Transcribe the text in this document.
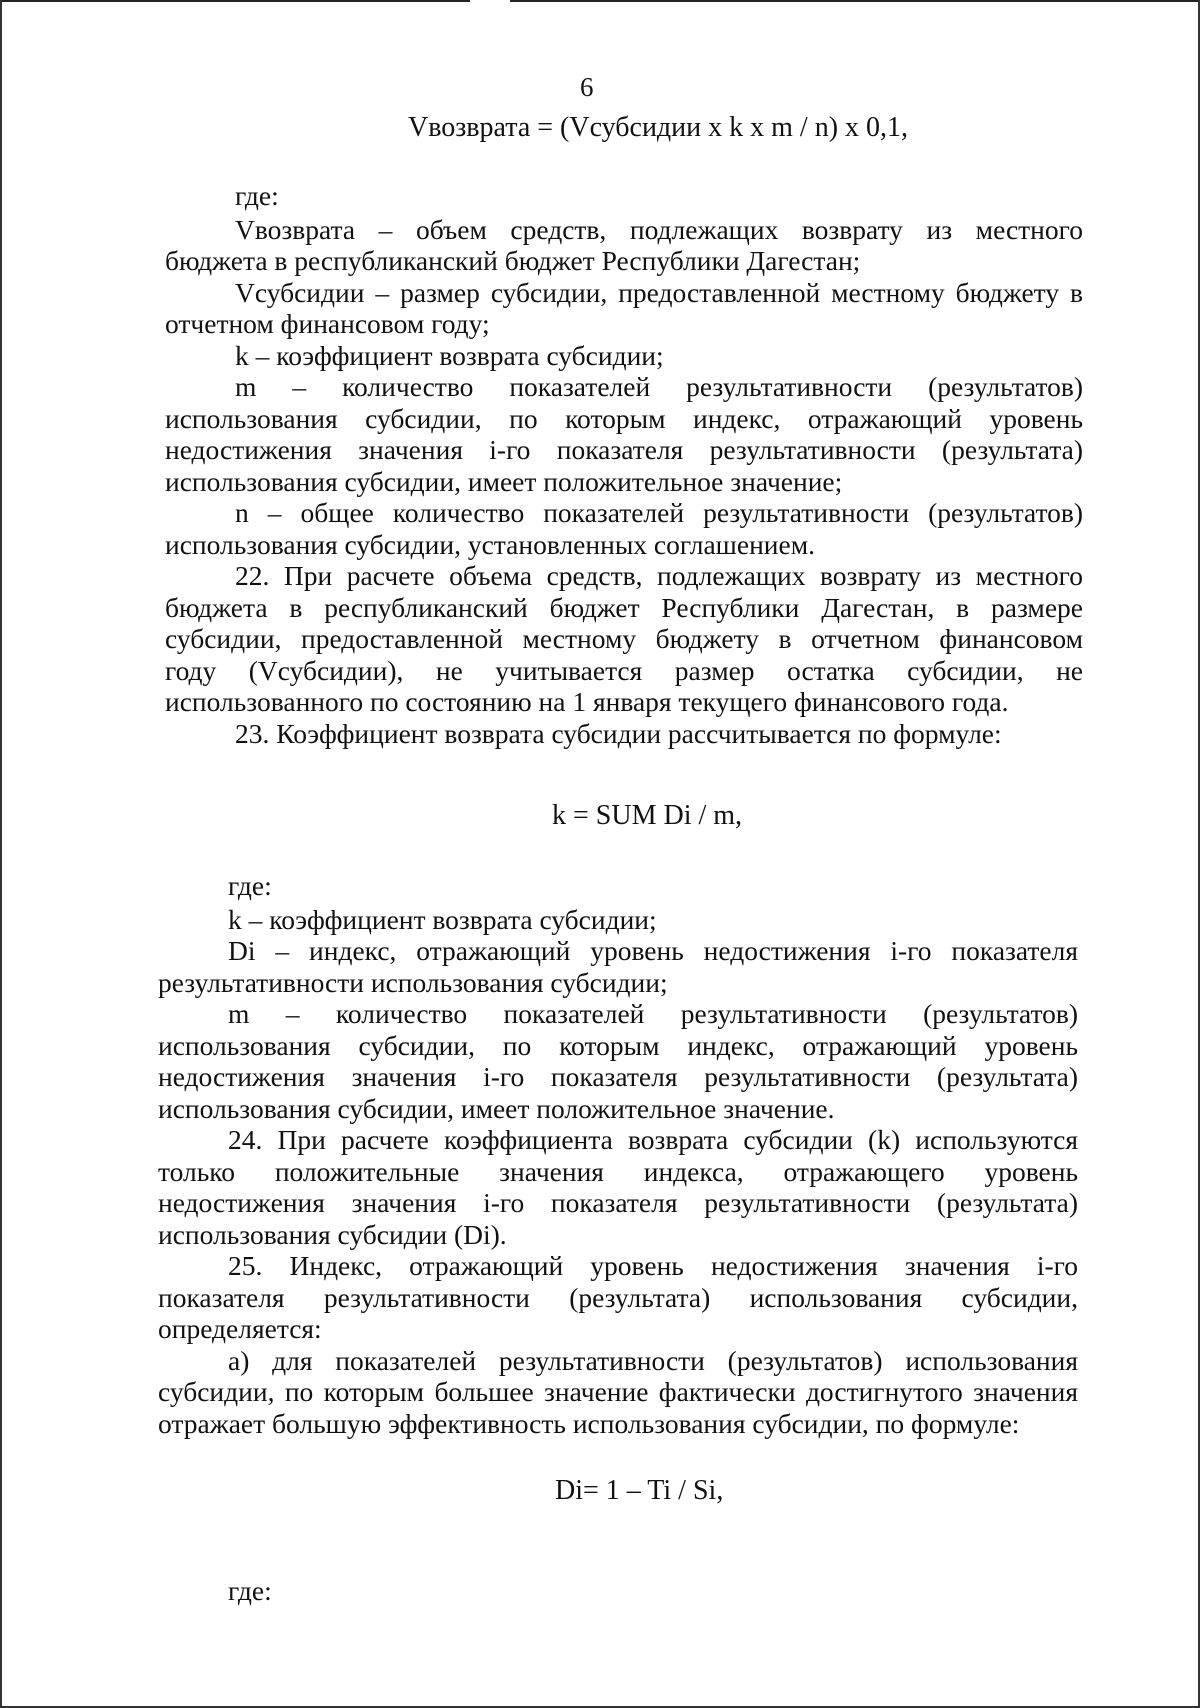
6
Vвозврата = (Vсубсидии x k x m / n) x 0,1,

где:

Vвозврата – объем средств, подлежащих возврату из местного

бюджета в республиканский бюджет Республики Дагестан;

Vсубсидии – размер субсидии, предоставленной местному бюджету в

отчетном финансовом году;

k – коэффициент возврата субсидии;

m – количество показателей результативности (результатов)

использования субсидии, по которым индекс, отражающий уровень

недостижения значения i-го показателя результативности (результата)

использования субсидии, имеет положительное значение;

n – общее количество показателей результативности (результатов)

использования субсидии, установленных соглашением.

22. При расчете объема средств, подлежащих возврату из местного

бюджета в республиканский бюджет Республики Дагестан, в размере

субсидии, предоставленной местному бюджету в отчетном финансовом

году (Vсубсидии), не учитывается размер остатка субсидии, не

использованного по состоянию на 1 января текущего финансового года.

23. Коэффициент возврата субсидии рассчитывается по формуле:

k = SUM Di / m,

где:

k – коэффициент возврата субсидии;

Di – индекс, отражающий уровень недостижения i-го показателя

результативности использования субсидии;

m – количество показателей результативности (результатов)

использования субсидии, по которым индекс, отражающий уровень

недостижения значения i-го показателя результативности (результата)

использования субсидии, имеет положительное значение.

24. При расчете коэффициента возврата субсидии (k) используются

только положительные значения индекса, отражающего уровень

недостижения значения i-го показателя результативности (результата)

использования субсидии (Di).

25. Индекс, отражающий уровень недостижения значения i-го

показателя результативности (результата) использования субсидии,

определяется:

а) для показателей результативности (результатов) использования

субсидии, по которым большее значение фактически достигнутого значения

отражает большую эффективность использования субсидии, по формуле:

Di= 1 – Ti / Si,
где:
